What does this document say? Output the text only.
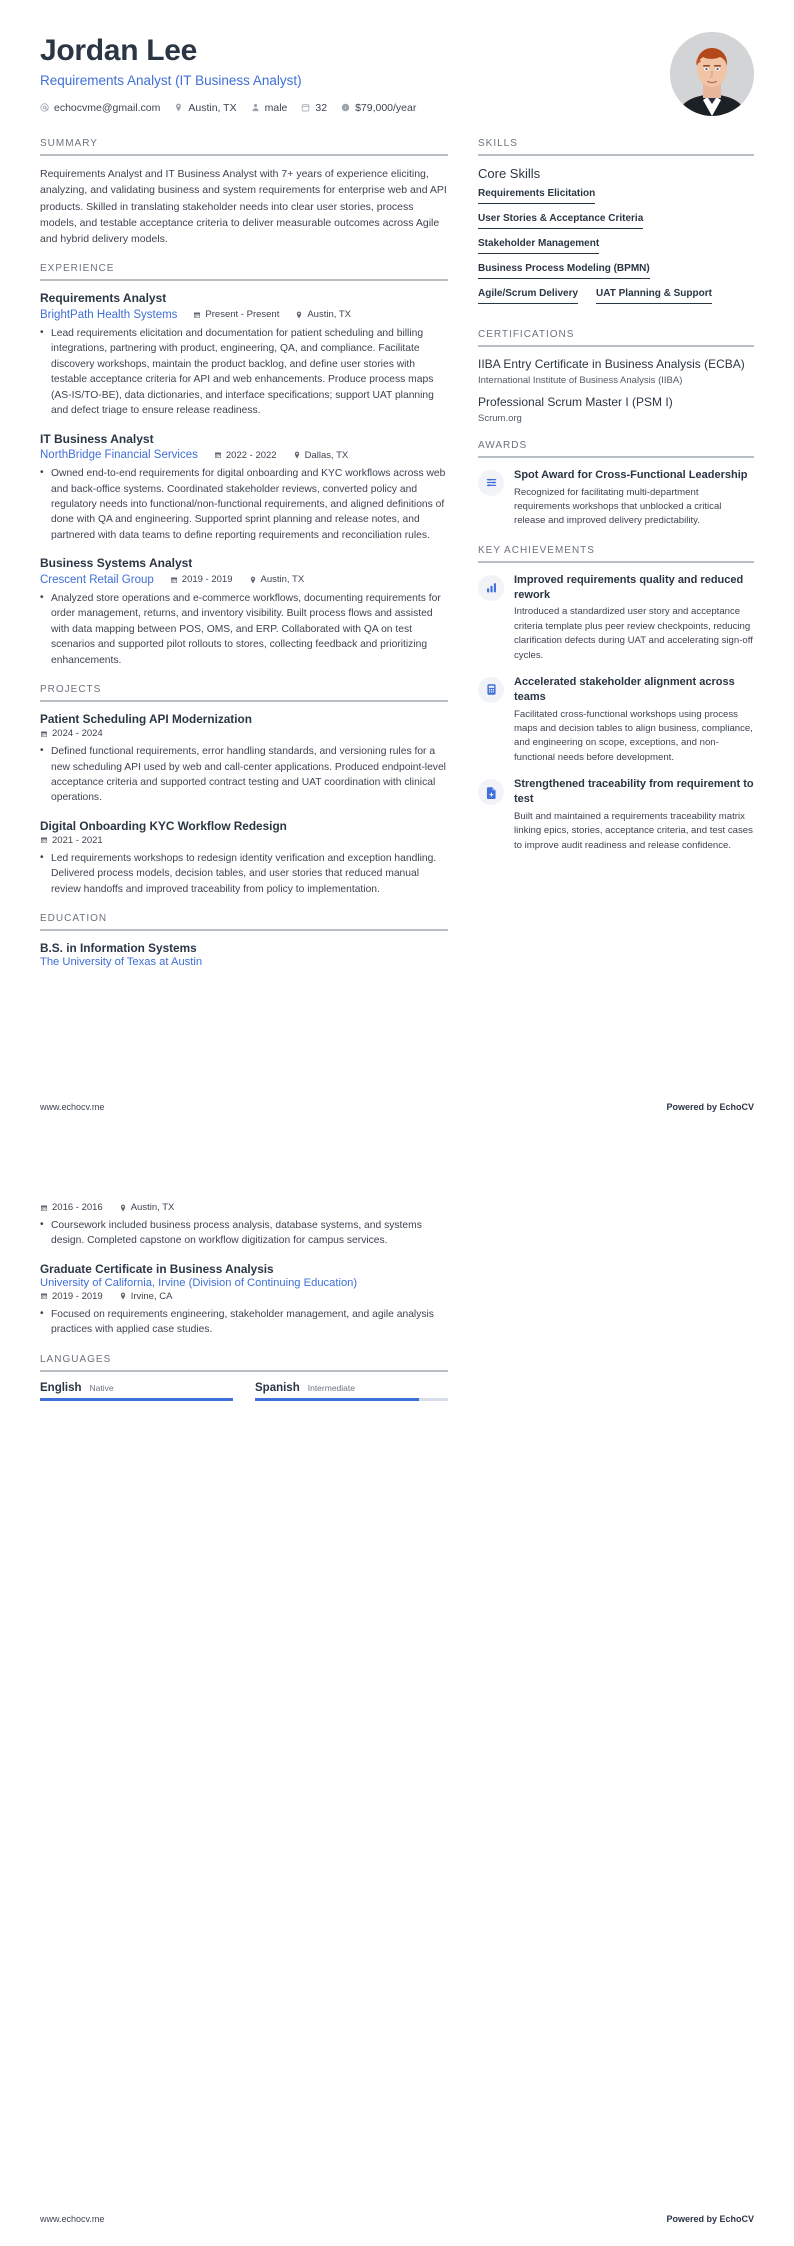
Jordan Lee
Requirements Analyst (IT Business Analyst)
echocvme@gmail.com	Austin, TX	male	32 i $79,000/year
SUMMARY
Requirements Analyst and IT Business Analyst with 7+ years of experience eliciting, analyzing, and validating business and system requirements for enterprise web and API products. Skilled in translating stakeholder needs into clear user stories, process models, and testable acceptance criteria to deliver measurable outcomes across Agile and hybrid delivery models.
EXPERIENCE
Requirements Analyst
BrightPath Health Systems	Present - Present	Austin, TX
• Lead requirements elicitation and documentation for patient scheduling and billing integrations, partnering with product, engineering, QA, and compliance. Facilitate discovery workshops, maintain the product backlog, and define user stories with testable acceptance criteria for API and web enhancements. Produce process maps (AS-IS/TO-BE), data dictionaries, and interface specifications; support UAT planning and defect triage to ensure release readiness.
IT Business Analyst
NorthBridge Financial Services	2022 - 2022	Dallas, TX
• Owned end-to-end requirements for digital onboarding and KYC workflows across web and back-office systems. Coordinated stakeholder reviews, converted policy and regulatory needs into functional/non-functional requirements, and aligned definitions of done with QA and engineering. Supported sprint planning and release notes, and partnered with data teams to define reporting requirements and reconciliation rules.
Business Systems Analyst
Crescent Retail Group	2019 - 2019	Austin, TX
• Analyzed store operations and e-commerce workflows, documenting requirements for order management, returns, and inventory visibility. Built process flows and assisted with data mapping between POS, OMS, and ERP. Collaborated with QA on test scenarios and supported pilot rollouts to stores, collecting feedback and prioritizing enhancements.
PROJECTS
Patient Scheduling API Modernization
2024 - 2024
• Defined functional requirements, error handling standards, and versioning rules for a new scheduling API used by web and call-center applications. Produced endpoint-level acceptance criteria and supported contract testing and UAT coordination with clinical operations.
Digital Onboarding KYC Workflow Redesign
2021 - 2021
• Led requirements workshops to redesign identity verification and exception handling. Delivered process models, decision tables, and user stories that reduced manual review handoffs and improved traceability from policy to implementation.
EDUCATION
B.S. in Information Systems
The University of Texas at Austin
SKILLS
Core Skills
Requirements Elicitation
User Stories & Acceptance Criteria
Stakeholder Management
Business Process Modeling (BPMN)
Agile/Scrum Delivery UAT Planning & Support
CERTIFICATIONS
IIBA Entry Certificate in Business Analysis (ECBA)
International Institute of Business Analysis (IIBA)
Professional Scrum Master I (PSM I)
Scrum.org
AWARDS
Spot Award for Cross-Functional Leadership
Recognized for facilitating multi-department requirements workshops that unblocked a critical release and improved delivery predictability.
KEY ACHIEVEMENTS
Improved requirements quality and reduced rework
Introduced a standardized user story and acceptance criteria template plus peer review checkpoints, reducing clarification defects during UAT and accelerating sign-off cycles.
Accelerated stakeholder alignment across teams
Facilitated cross-functional workshops using process maps and decision tables to align business, compliance, and engineering on scope, exceptions, and non-functional needs before development.
Strengthened traceability from requirement to test
Built and maintained a requirements traceability matrix linking epics, stories, acceptance criteria, and test cases to improve audit readiness and release confidence.
www.echocv.me	Powered by EchoCV
2016 - 2016	Austin, TX
• Coursework included business process analysis, database systems, and systems design. Completed capstone on workflow digitization for campus services.
Graduate Certificate in Business Analysis
University of California, Irvine (Division of Continuing Education)
2019 - 2019	Irvine, CA
• Focused on requirements engineering, stakeholder management, and agile analysis practices with applied case studies.
LANGUAGES
English Native	Spanish Intermediate
www.echocv.me	Powered by EchoCV
